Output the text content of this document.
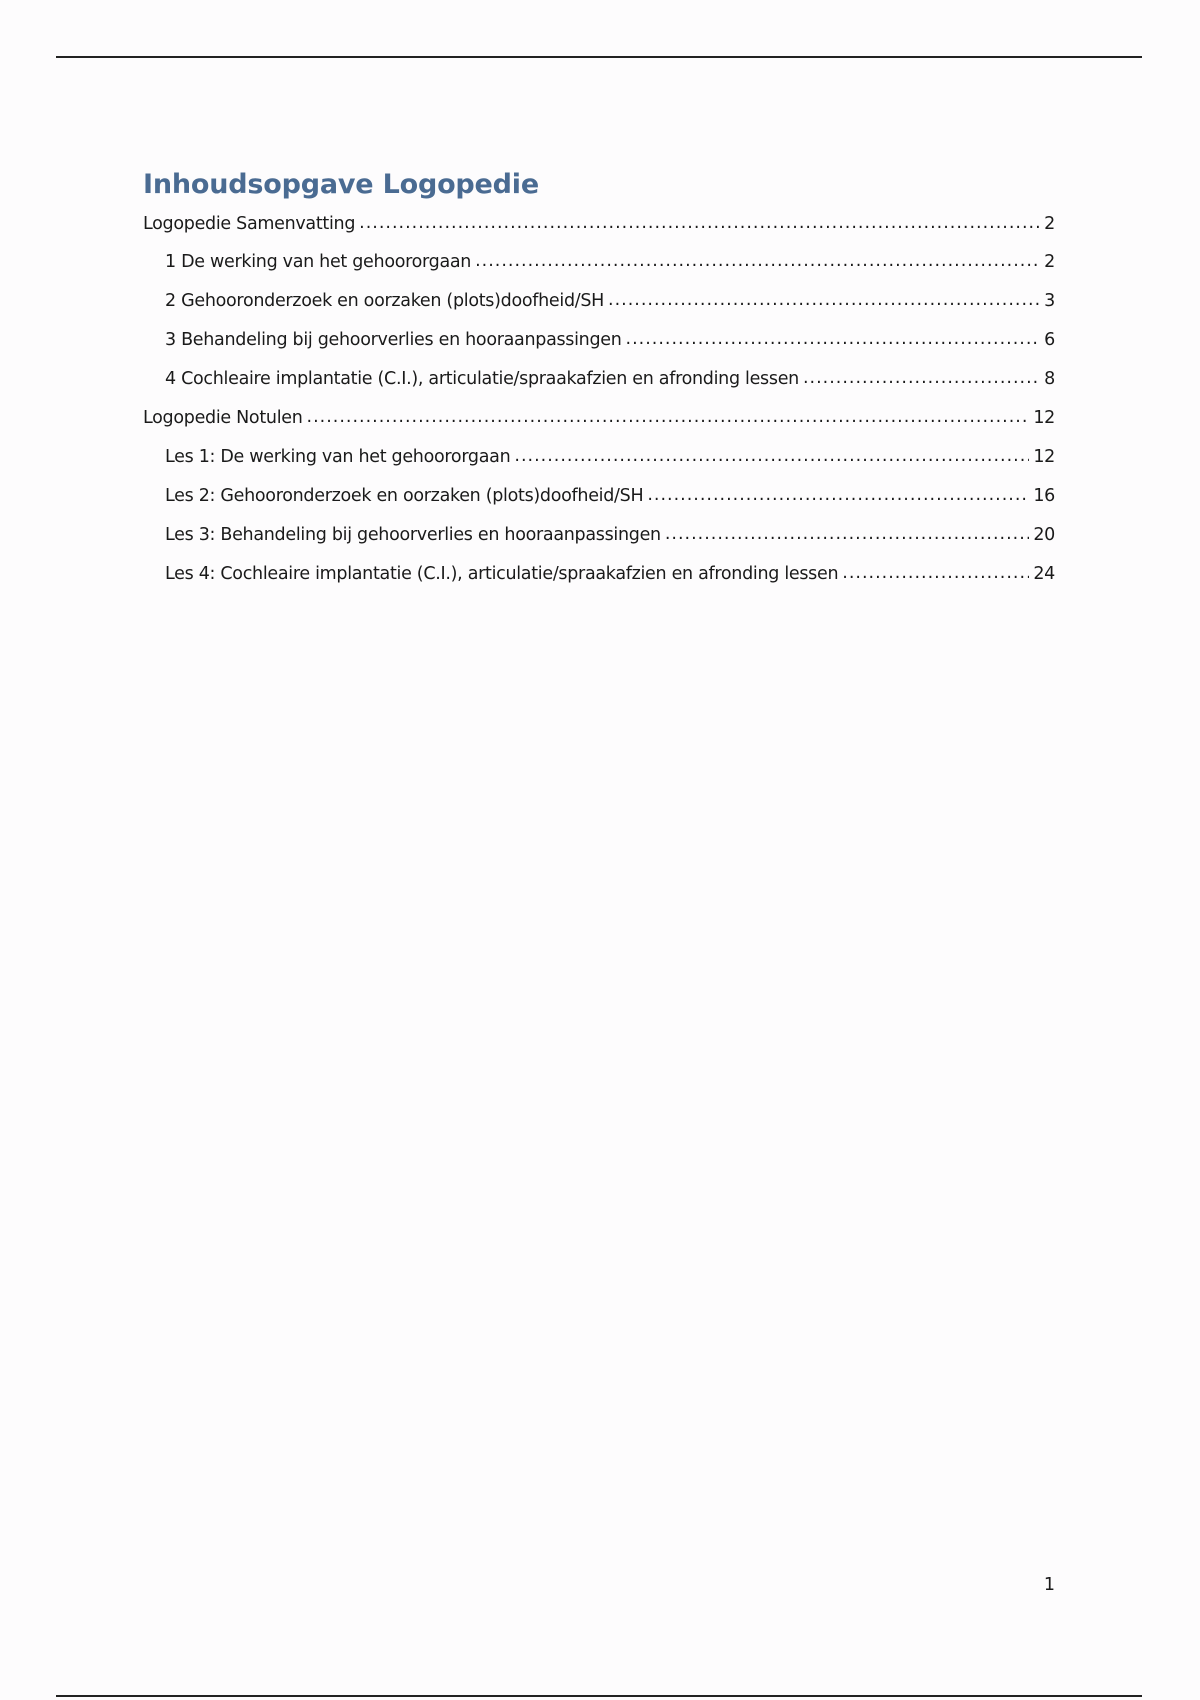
Inhoudsopgave Logopedie
Logopedie Samenvatting .....	2
1 De werking van het gehoororgaan .....	2
2 Gehooronderzoek en oorzaken (plots)doofheid/SH .....	3
3 Behandeling bij gehoorverlies en hooraanpassingen .....	6
4 Cochleaire implantatie (C.I.), articulatie/spraakafzien en afronding lessen .....	8
Logopedie Notulen .....	12
Les 1: De werking van het gehoororgaan .....	12
Les 2: Gehooronderzoek en oorzaken (plots)doofheid/SH .....	16
Les 3: Behandeling bij gehoorverlies en hooraanpassingen .....	20
Les 4: Cochleaire implantatie (C.I.), articulatie/spraakafzien en afronding lessen .....	24
1
